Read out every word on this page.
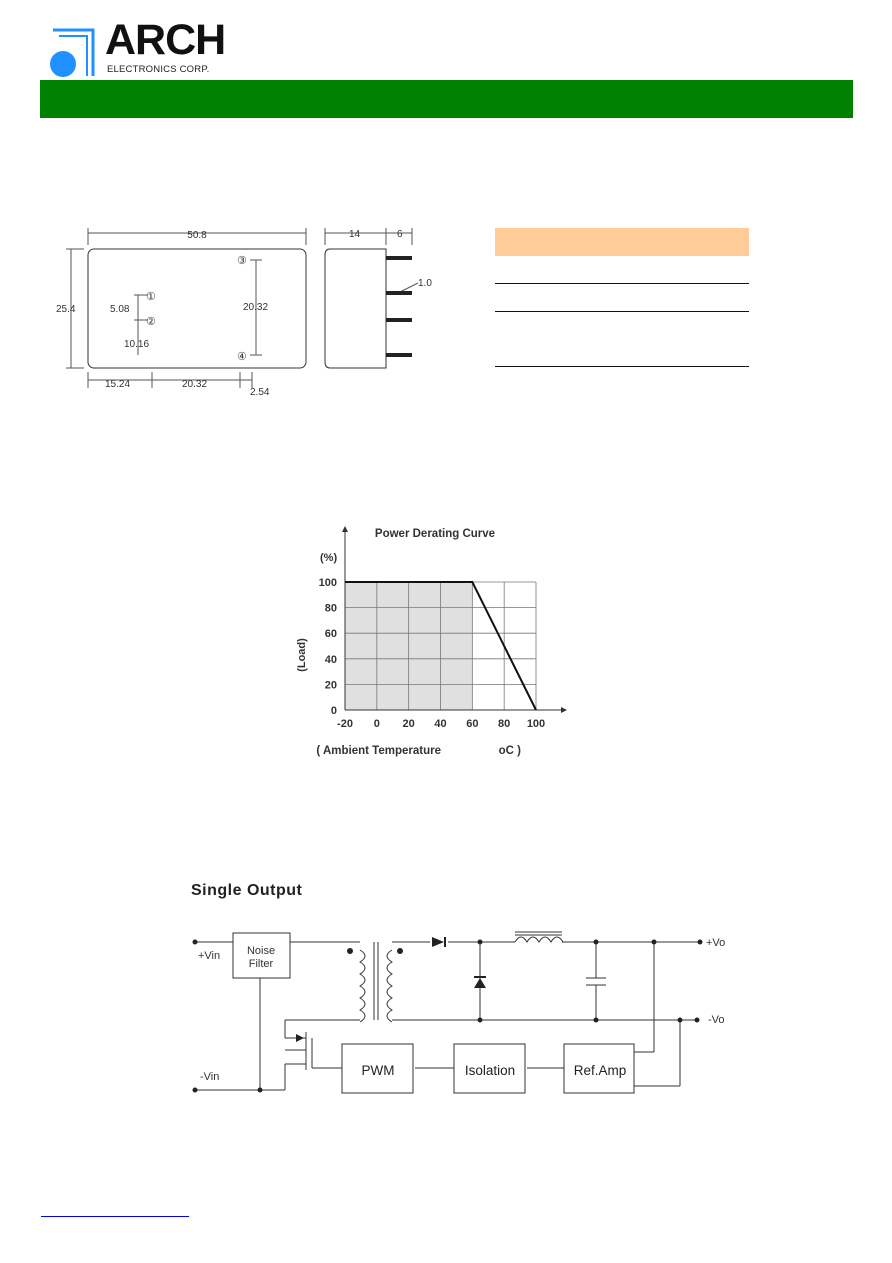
ARCH
ELECTRONICS CORP.
50.8
25.4	5.08
10.16
20.32
15.24	20.32
2.54
14	6
1.0
①
②
③
④
-20 0 20 40 60 80 100
0
20
40
60
80
100
Power Derating Curve
(%)
(Load)
( Ambient Temperature	oC )
Single Output
Noise
Filter
+Vin
-Vin
+Vo
-Vo
PWM	Isolation	Ref.Amp
